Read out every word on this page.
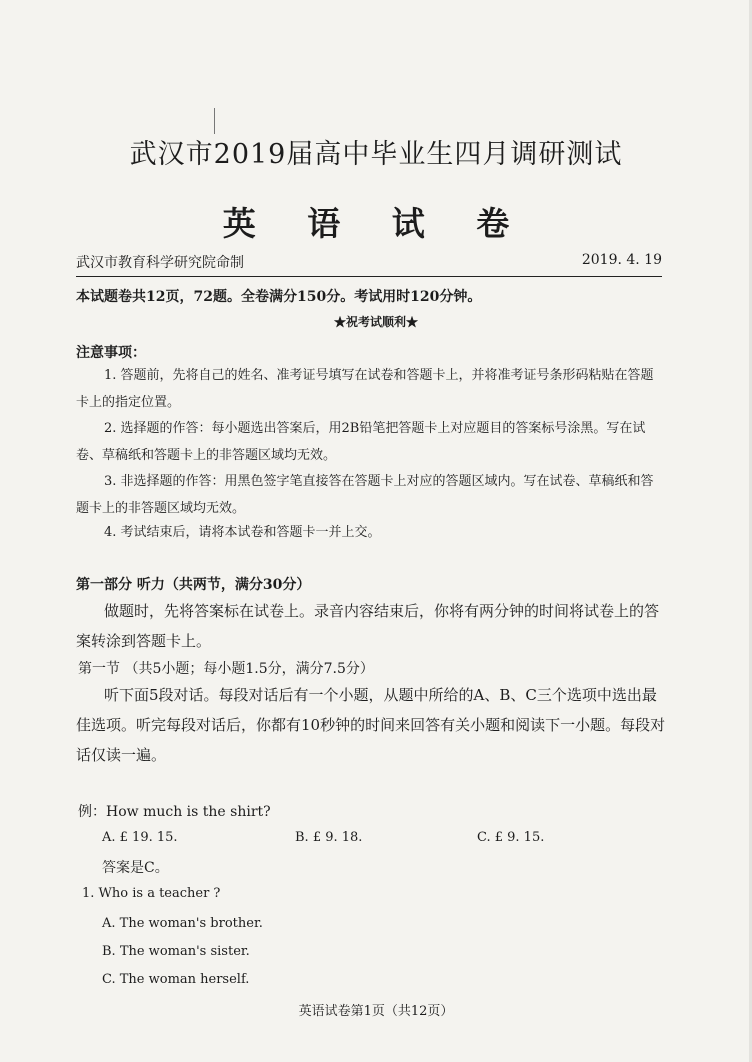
武汉市2019届高中毕业生四月调研测试
英 语 试 卷
武汉市教育科学研究院命制	2019. 4. 19
本试题卷共12页，72题。全卷满分150分。考试用时120分钟。
★祝考试顺利★
注意事项：
1. 答题前，先将自己的姓名、准考证号填写在试卷和答题卡上，并将准考证号条形码粘贴在答题卡上的指定位置。
2. 选择题的作答：每小题选出答案后，用2B铅笔把答题卡上对应题目的答案标号涂黑。写在试卷、草稿纸和答题卡上的非答题区域均无效。
3. 非选择题的作答：用黑色签字笔直接答在答题卡上对应的答题区域内。写在试卷、草稿纸和答题卡上的非答题区域均无效。
4. 考试结束后，请将本试卷和答题卡一并上交。
第一部分 听力（共两节，满分30分）
做题时，先将答案标在试卷上。录音内容结束后，你将有两分钟的时间将试卷上的答案转涂到答题卡上。
第一节 （共5小题；每小题1.5分，满分7.5分）
听下面5段对话。每段对话后有一个小题，从题中所给的A、B、C三个选项中选出最佳选项。听完每段对话后，你都有10秒钟的时间来回答有关小题和阅读下一小题。每段对话仅读一遍。
例：How much is the shirt?
A. £ 19. 15.	B. £ 9. 18.	C. £ 9. 15.
答案是C。
1. Who is a teacher ?
A. The woman's brother.
B. The woman's sister.
C. The woman herself.
英语试卷第1页（共12页）
